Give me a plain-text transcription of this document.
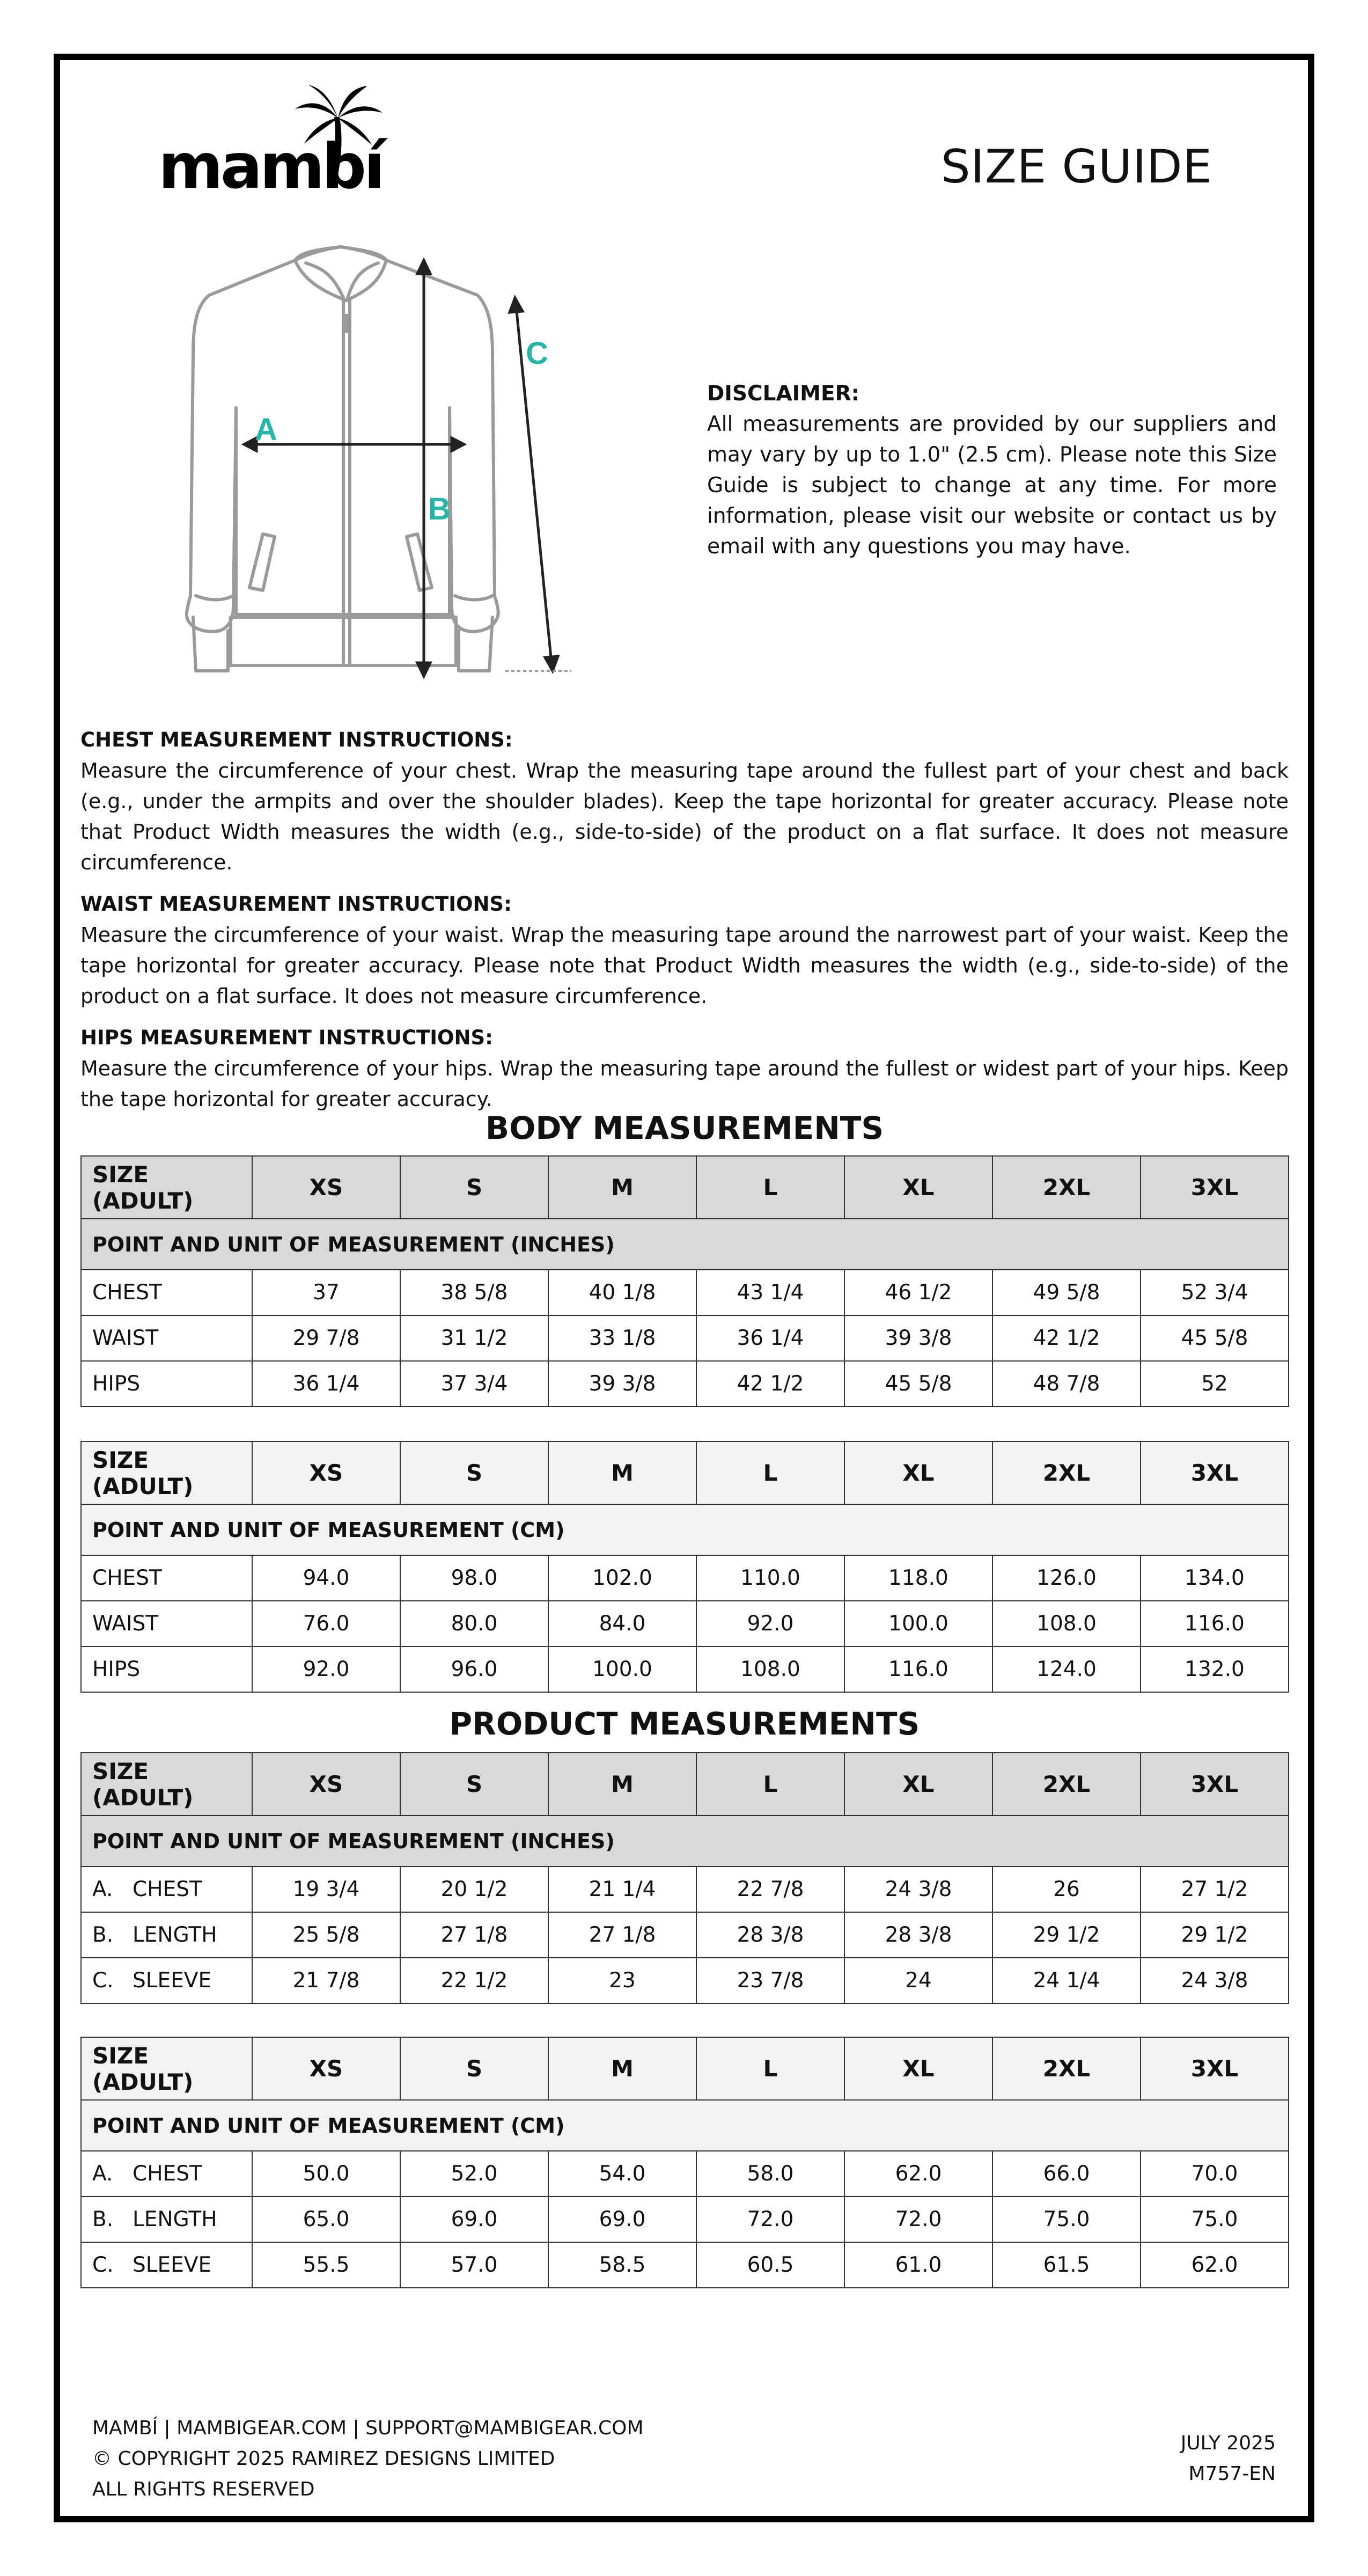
mambí	SIZE GUIDE
A
B
C
DISCLAIMER:
All measurements are provided by our suppliers and may vary by up to 1.0" (2.5 cm). Please note this Size Guide is subject to change at any time. For more information, please visit our website or contact us by email with any questions you may have.

CHEST MEASUREMENT INSTRUCTIONS:

Measure the circumference of your chest. Wrap the measuring tape around the fullest part of your chest and back (e.g., under the armpits and over the shoulder blades). Keep the tape horizontal for greater accuracy. Please note that Product Width measures the width (e.g., side-to-side) of the product on a flat surface. It does not measure circumference.

WAIST MEASUREMENT INSTRUCTIONS:

Measure the circumference of your waist. Wrap the measuring tape around the narrowest part of your waist. Keep the tape horizontal for greater accuracy. Please note that Product Width measures the width (e.g., side-to-side) of the product on a flat surface. It does not measure circumference.

HIPS MEASUREMENT INSTRUCTIONS:

Measure the circumference of your hips. Wrap the measuring tape around the fullest or widest part of your hips. Keep the tape horizontal for greater accuracy.

BODY MEASUREMENTS
SIZE (ADULT)	XS	S	M	L	XL	2XL	3XL
POINT AND UNIT OF MEASUREMENT (INCHES)							
CHEST	37	38 5/8	40 1/8	43 1/4	46 1/2	49 5/8	52 3/4
WAIST	29 7/8	31 1/2	33 1/8	36 1/4	39 3/8	42 1/2	45 5/8
HIPS	36 1/4	37 3/4	39 3/8	42 1/2	45 5/8	48 7/8	52
SIZE (ADULT)	XS	S	M	L	XL	2XL	3XL
POINT AND UNIT OF MEASUREMENT (CM)							
CHEST	94.0	98.0	102.0	110.0	118.0	126.0	134.0
WAIST	76.0	80.0	84.0	92.0	100.0	108.0	116.0
HIPS	92.0	96.0	100.0	108.0	116.0	124.0	132.0
PRODUCT MEASUREMENTS
SIZE (ADULT)	XS	S	M	L	XL	2XL	3XL
POINT AND UNIT OF MEASUREMENT (INCHES)							
A. CHEST	19 3/4	20 1/2	21 1/4	22 7/8	24 3/8	26	27 1/2
B. LENGTH	25 5/8	27 1/8	27 1/8	28 3/8	28 3/8	29 1/2	29 1/2
C. SLEEVE	21 7/8	22 1/2	23	23 7/8	24	24 1/4	24 3/8
SIZE (ADULT)	XS	S	M	L	XL	2XL	3XL
POINT AND UNIT OF MEASUREMENT (CM)							
A. CHEST	50.0	52.0	54.0	58.0	62.0	66.0	70.0
B. LENGTH	65.0	69.0	69.0	72.0	72.0	75.0	75.0
C. SLEEVE	55.5	57.0	58.5	60.5	61.0	61.5	62.0
MAMBÍ | MAMBIGEAR.COM | SUPPORT@MAMBIGEAR.COM
© COPYRIGHT 2025 RAMIREZ DESIGNS LIMITED
ALL RIGHTS RESERVED
JULY 2025
M757-EN
